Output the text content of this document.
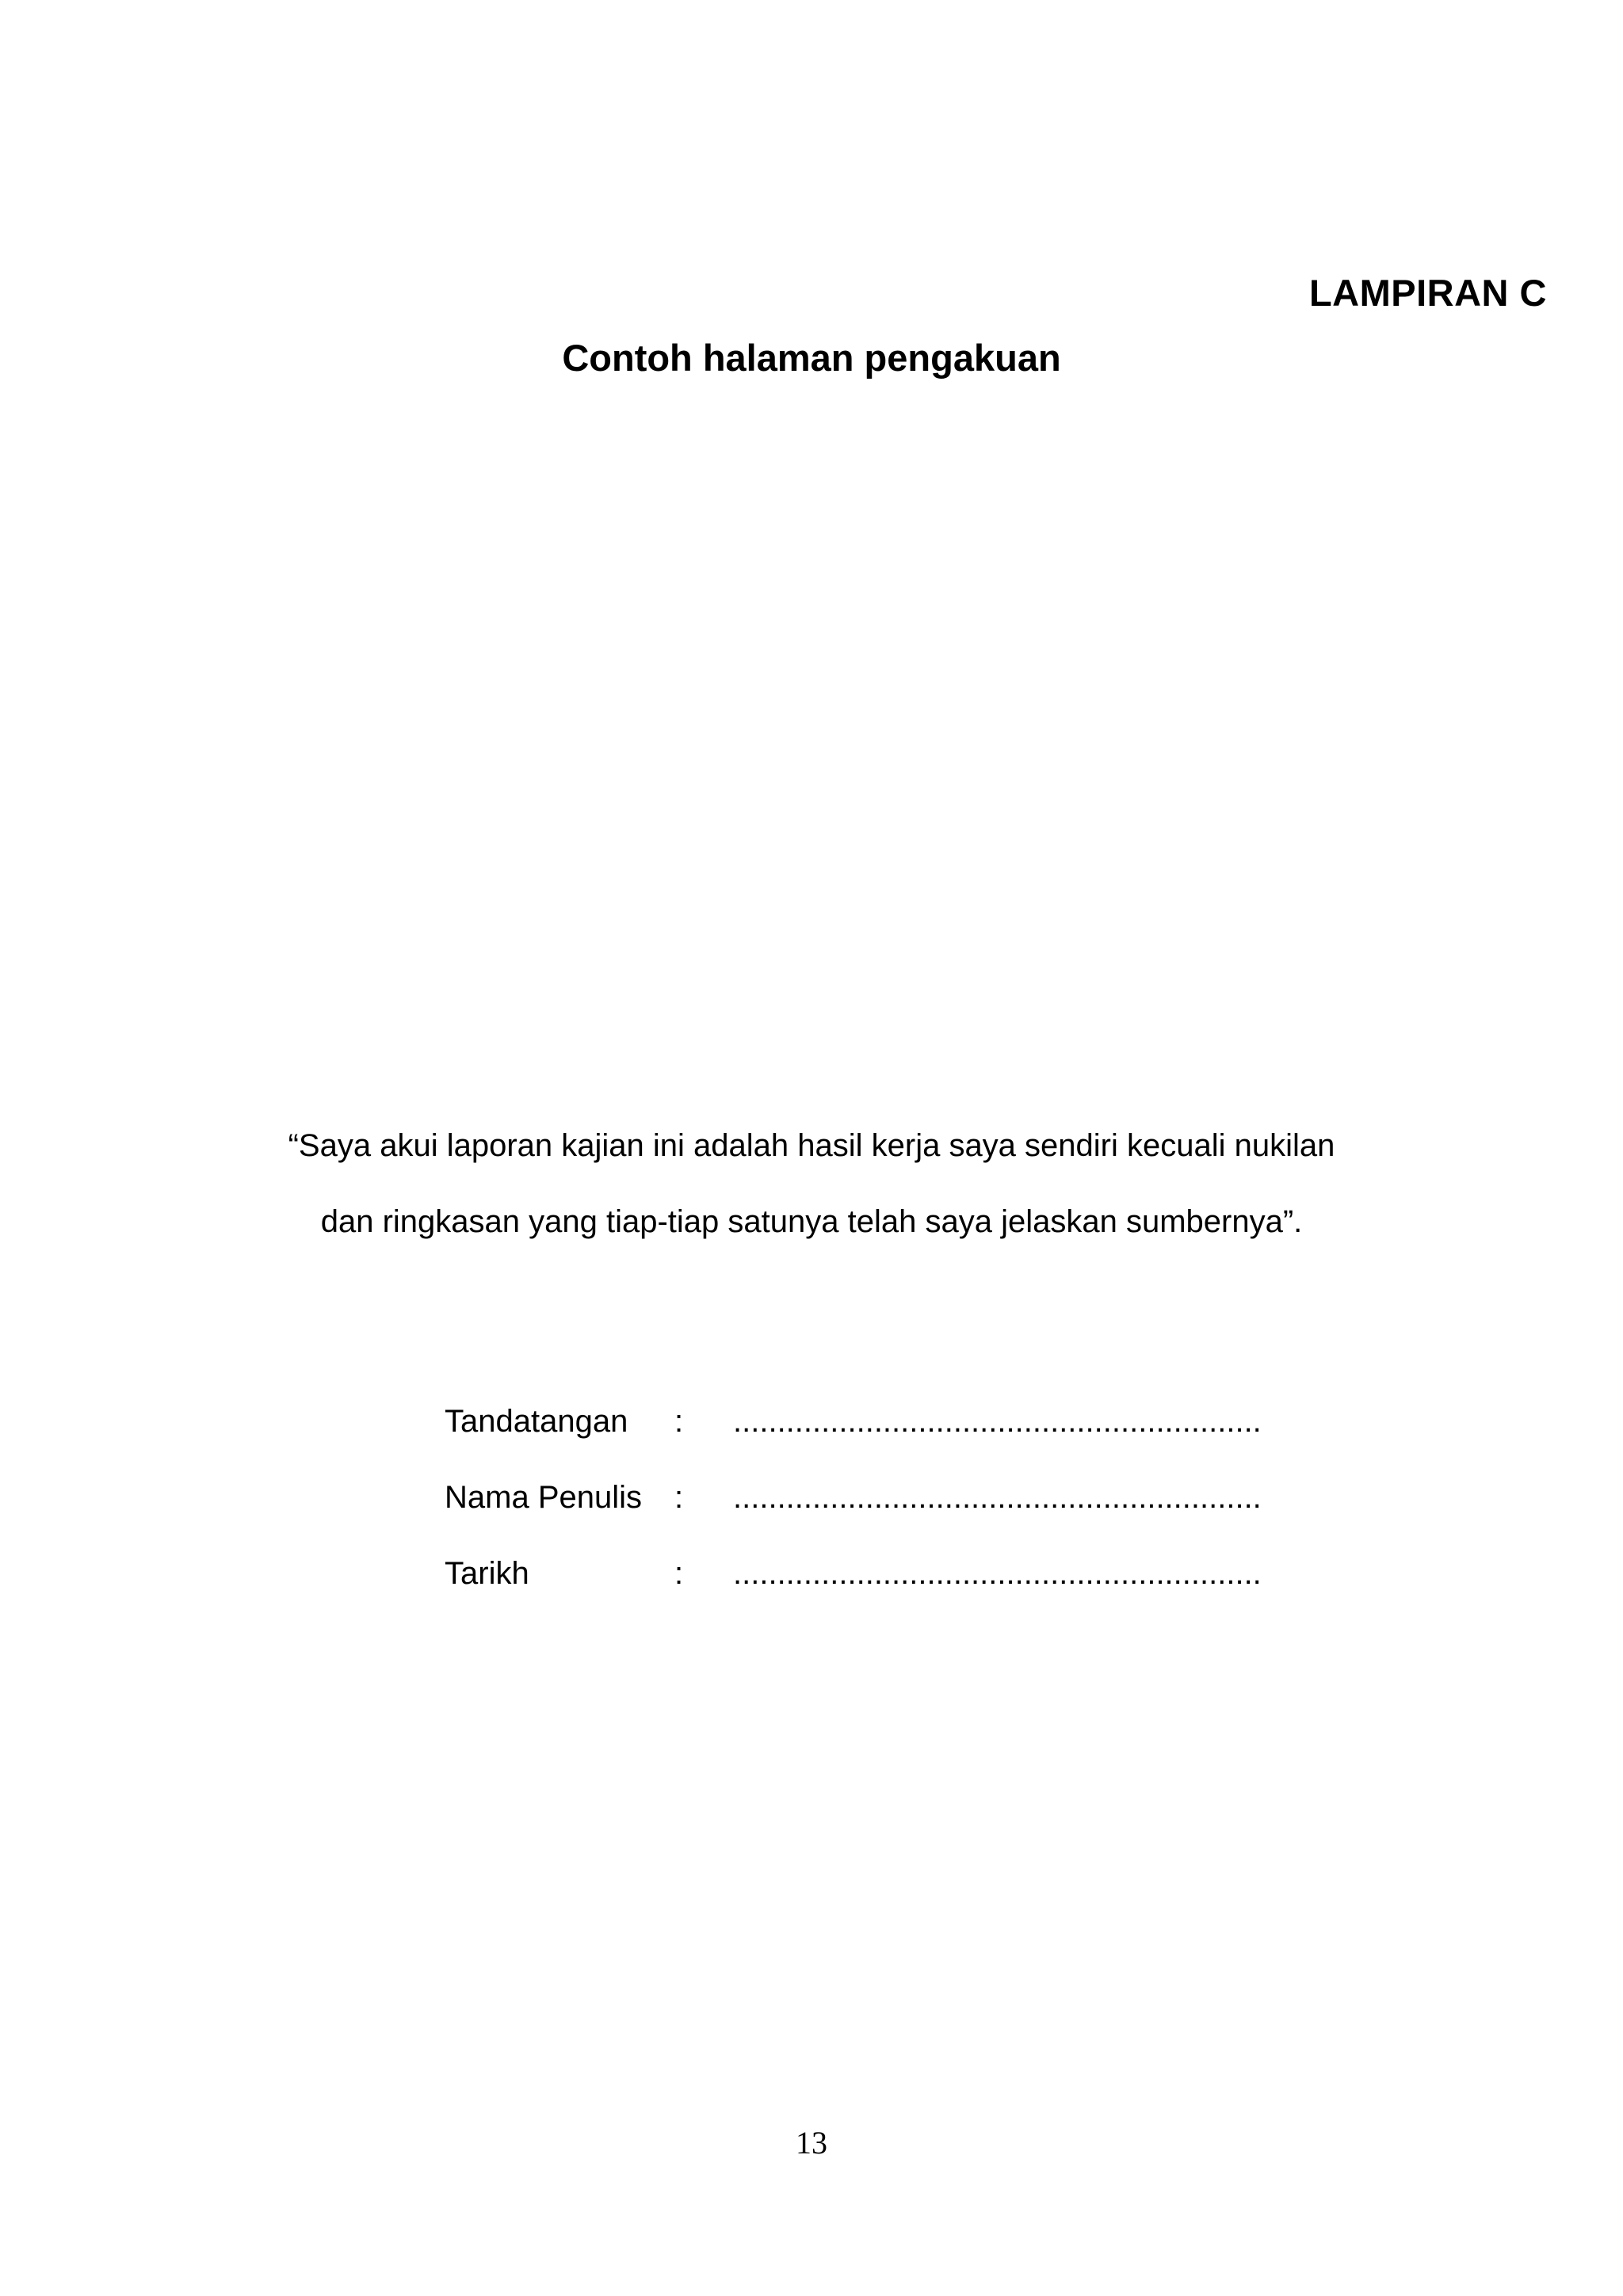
LAMPIRAN C
Contoh halaman pengakuan
“Saya akui laporan kajian ini adalah hasil kerja saya sendiri kecuali nukilan
dan ringkasan yang tiap-tiap satunya telah saya jelaskan sumbernya”.
Tandatangan : ............................................................
Nama Penulis : ............................................................
Tarikh	: ............................................................
13
